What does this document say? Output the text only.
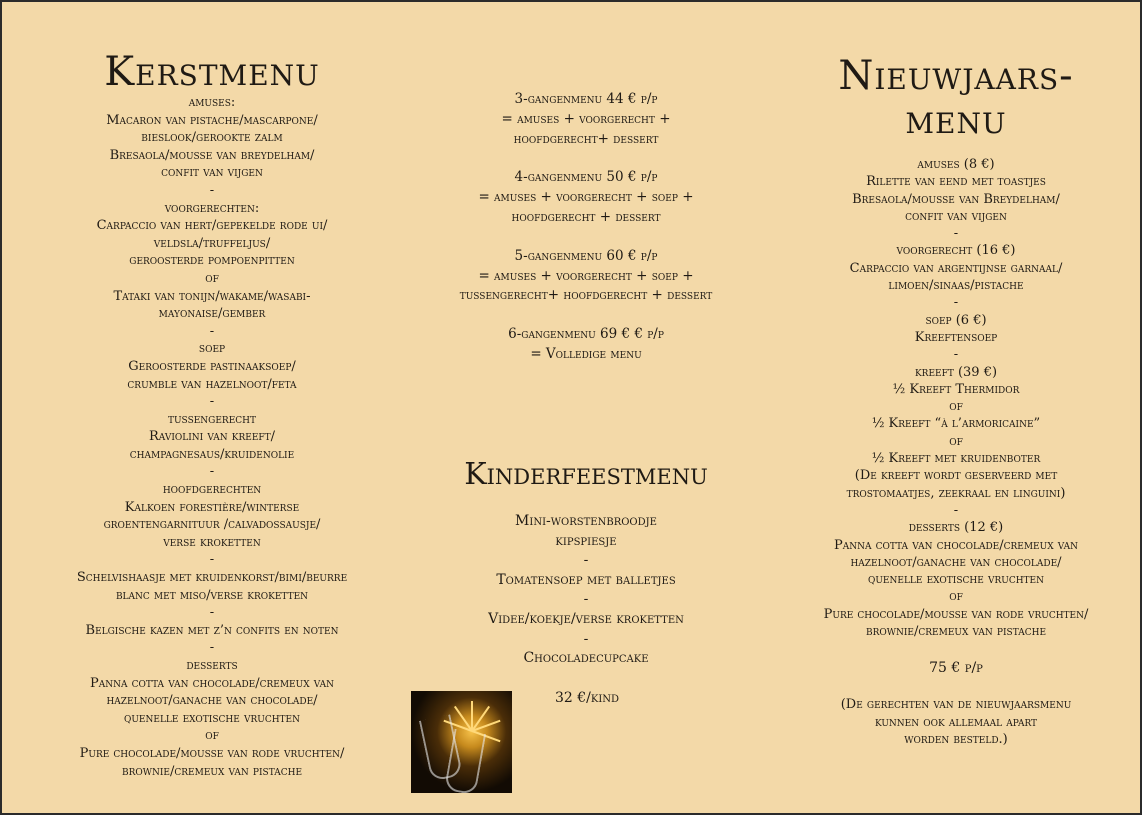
Kerstmenu
amuses:
Macaron van pistache/mascarpone/
bieslook/gerookte zalm
Bresaola/mousse van breydelham/
confit van vijgen
-
voorgerechten:
Carpaccio van hert/gepekelde rode ui/
veldsla/truffeljus/
geroosterde pompoenpitten
of
Tataki van tonijn/wakame/wasabi-
mayonaise/gember
-
soep
Geroosterde pastinaaksoep/
crumble van hazelnoot/feta
-
tussengerecht
Raviolini van kreeft/
champagnesaus/kruidenolie
-
hoofdgerechten
Kalkoen forestière/winterse
groentengarnituur /calvadossausje/
verse kroketten
-
Schelvishaasje met kruidenkorst/bimi/beurre
blanc met miso/verse kroketten
-
Belgische kazen met z’n confits en noten
-
desserts
Panna cotta van chocolade/cremeux van
hazelnoot/ganache van chocolade/
quenelle exotische vruchten
of
Pure chocolade/mousse van rode vruchten/
brownie/cremeux van pistache
3-gangenmenu 44 € p/p
= amuses + voorgerecht +
hoofdgerecht+ dessert
4-gangenmenu 50 € p/p
= amuses + voorgerecht + soep +
hoofdgerecht + dessert
5-gangenmenu 60 € p/p
= amuses + voorgerecht + soep +
tussengerecht+ hoofdgerecht + dessert
6-gangenmenu 69 € € p/p
= Volledige menu
Kinderfeestmenu
Mini-worstenbroodje
kipspiesje
-
Tomatensoep met balletjes
-
Videe/koekje/verse kroketten
-
Chocoladecupcake
32 €/kind
Nieuwjaars-
menu
amuses (8 €)
Rilette van eend met toastjes
Bresaola/mousse van Breydelham/
confit van vijgen
-
voorgerecht (16 €)
Carpaccio van argentijnse garnaal/
limoen/sinaas/pistache
-
soep (6 €)
Kreeftensoep
-
kreeft (39 €)
½ Kreeft Thermidor
of
½ Kreeft “à l’armoricaine”
of
½ Kreeft met kruidenboter
(De kreeft wordt geserveerd met
trostomaatjes, zeekraal en linguini)
-
desserts (12 €)
Panna cotta van chocolade/cremeux van
hazelnoot/ganache van chocolade/
quenelle exotische vruchten
of
Pure chocolade/mousse van rode vruchten/
brownie/cremeux van pistache
75 € p/p
(De gerechten van de nieuwjaarsmenu
kunnen ook allemaal apart
worden besteld.)
